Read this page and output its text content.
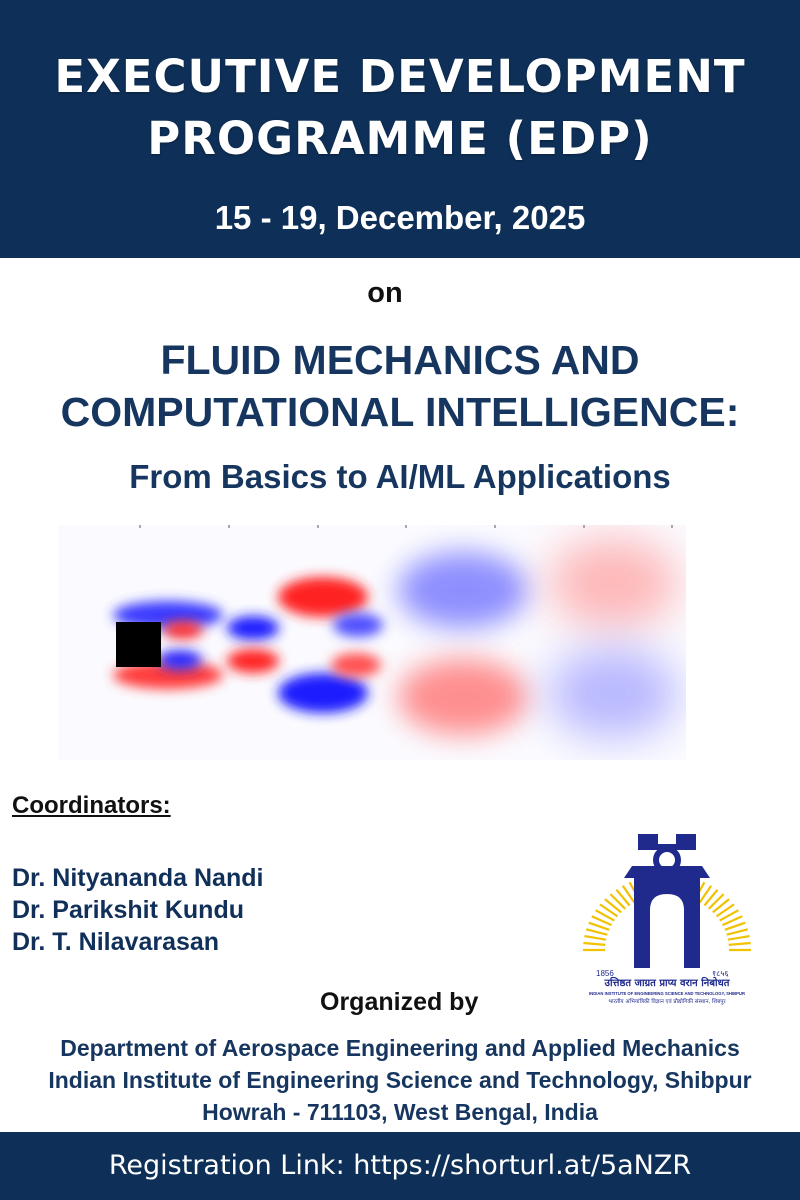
EXECUTIVE DEVELOPMENT
PROGRAMME (EDP)
15 - 19, December, 2025
on
FLUID MECHANICS AND
COMPUTATIONAL INTELLIGENCE:
From Basics to AI/ML Applications
Coordinators:
Dr. Nityananda Nandi
Dr. Parikshit Kundu
Dr. T. Nilavarasan
1856	१८५६
उत्तिष्ठत जाग्रत प्राप्य वरान निबोधत
INDIAN INSTITUTE OF ENGINEERING SCIENCE AND TECHNOLOGY, SHIBPUR
भारतीय अभियांत्रिकी विज्ञान एवं प्रौद्योगिकी संस्थान, शिबपुर
Organized by
Department of Aerospace Engineering and Applied Mechanics
Indian Institute of Engineering Science and Technology, Shibpur
Howrah - 711103, West Bengal, India
Registration Link: https://shorturl.at/5aNZR
